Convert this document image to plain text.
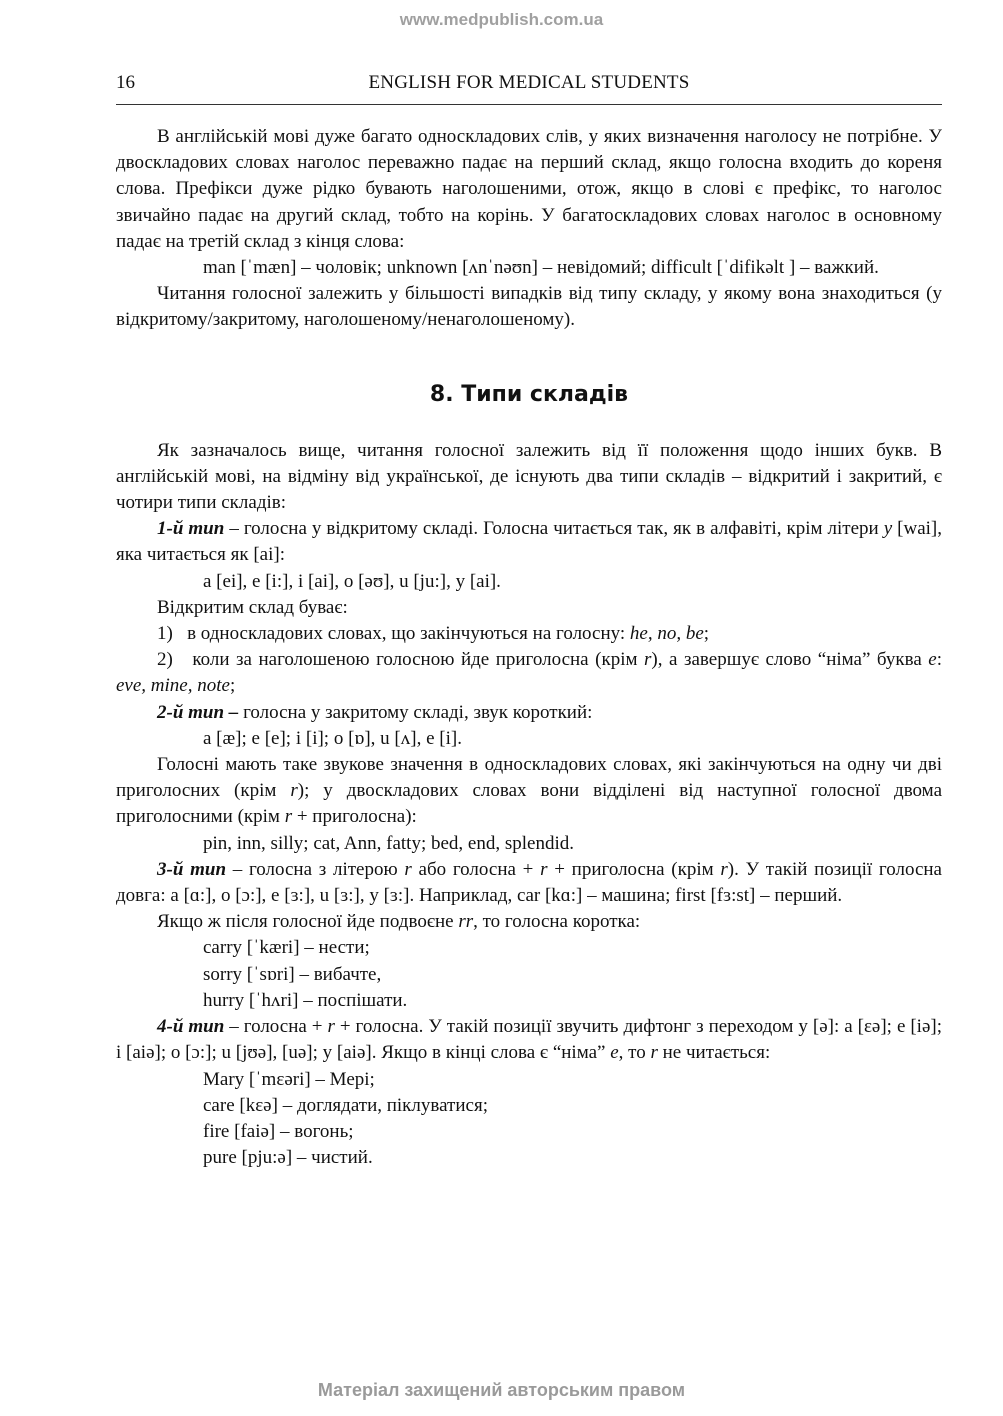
www.medpublish.com.ua
16	ENGLISH FOR MEDICAL STUDENTS

В англійській мові дуже багато односкладових слів, у яких визначення наголосу не потрібне. У двоскладових словах наголос переважно падає на перший склад, якщо голосна входить до кореня слова. Префікси дуже рідко бувають наголошеними, отож, якщо в слові є префікс, то наголос звичайно падає на другий склад, тобто на корінь. У багатоскладових словах наголос в основному падає на третій склад з кінця слова:

man [ˈmæn] – чоловік; unknown [ʌnˈnəʊn] – невідомий; difficult [ˈdifikəlt ] – важкий.

Читання голосної залежить у більшості випадків від типу складу, у якому вона знаходиться (у відкритому/закритому, наголошеному/ненаголошеному).

8. Типи складів

Як зазначалось вище, читання голосної залежить від її положення щодо інших букв. В англійській мові, на відміну від української, де існують два типи складів – відкритий і закритий, є чотири типи складів:

1-й тип – голосна у відкритому складі. Голосна читається так, як в алфавіті, крім літери y [wai], яка читається як [ai]:

a [ei], e [i:], i [ai], o [əʊ], u [ju:], y [ai].

Відкритим склад буває:

1) в односкладових словах, що закінчуються на голосну: he, no, be;

2) коли за наголошеною голосною йде приголосна (крім r), а завершує слово “німа” буква e: eve, mine, note;

2-й тип – голосна у закритому складі, звук короткий:

a [æ]; e [e]; i [i]; o [ɒ], u [ʌ], e [i].

Голосні мають таке звукове значення в односкладових словах, які закінчуються на одну чи дві приголосних (крім r); у двоскладових словах вони відділені від наступної голосної двома приголосними (крім r + приголосна):

pin, inn, silly; cat, Ann, fatty; bed, end, splendid.

3-й тип – голосна з літерою r або голосна + r + приголосна (крім r). У такій позиції голосна довга: a [ɑ:], o [ɔ:], e [ɜ:], u [ɜ:], y [ɜ:]. Наприклад, car [kɑ:] – машина; first [fɜ:st] – перший.

Якщо ж після голосної йде подвоєне rr, то голосна коротка:

carry [ˈkæri] – нести;

sorry [ˈsɒri] – вибачте,

hurry [ˈhʌri] – поспішати.

4-й тип – голосна + r + голосна. У такій позиції звучить дифтонг з переходом у [ə]: a [ɛə]; e [iə]; i [aiə]; o [ɔ:]; u [jʊə], [uə]; y [aiə]. Якщо в кінці слова є “німа” e, то r не читається:

Mary [ˈmɛəri] – Мері;

care [kɛə] – доглядати, піклуватися;

fire [faiə] – вогонь;

pure [pju:ə] – чистий.

Матеріал захищений авторським правом
